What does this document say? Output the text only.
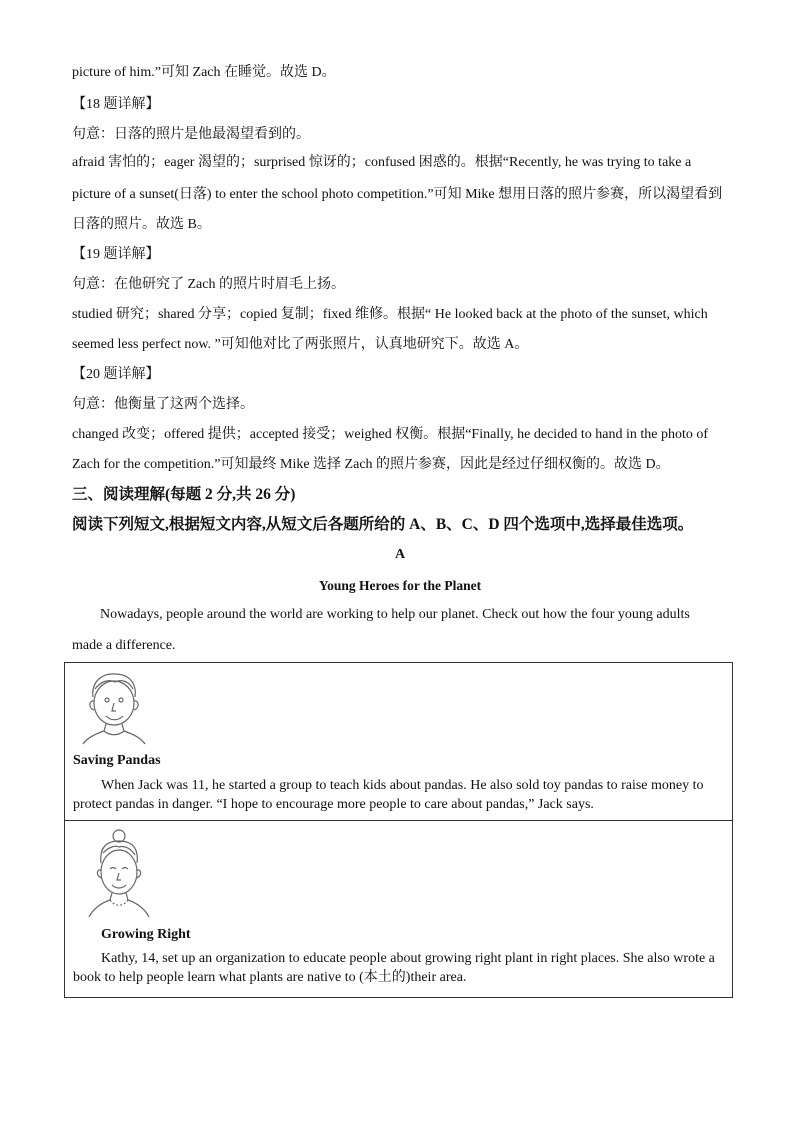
picture of him.”可知 Zach 在睡觉。故选 D。
【18 题详解】
句意：日落的照片是他最渴望看到的。
afraid 害怕的；eager 渴望的；surprised 惊讶的；confused 困惑的。根据“Recently, he was trying to take a
picture of a sunset(日落) to enter the school photo competition.”可知 Mike 想用日落的照片参赛，所以渴望看到
日落的照片。故选 B。
【19 题详解】
句意：在他研究了 Zach 的照片时眉毛上扬。
studied 研究；shared 分享；copied 复制；fixed 维修。根据“ He looked back at the photo of the sunset, which
seemed less perfect now. ”可知他对比了两张照片，认真地研究下。故选 A。
【20 题详解】
句意：他衡量了这两个选择。
changed 改变；offered 提供；accepted 接受；weighed 权衡。根据“Finally, he decided to hand in the photo of
Zach for the competition.”可知最终 Mike 选择 Zach 的照片参赛，因此是经过仔细权衡的。故选 D。
三、阅读理解(每题 2 分,共 26 分)
阅读下列短文,根据短文内容,从短文后各题所给的 A、B、C、D 四个选项中,选择最佳选项。
A
Young Heroes for the Planet
Nowadays, people around the world are working to help our planet. Check out how the four young adults
made a difference.
Saving Pandas
When Jack was 11, he started a group to teach kids about pandas. He also sold toy pandas to raise money to protect pandas in danger. “I hope to encourage more people to care about pandas,” Jack says.
Growing Right
Kathy, 14, set up an organization to educate people about growing right plant in right places. She also wrote a book to help people learn what plants are native to (本土的)their area.
